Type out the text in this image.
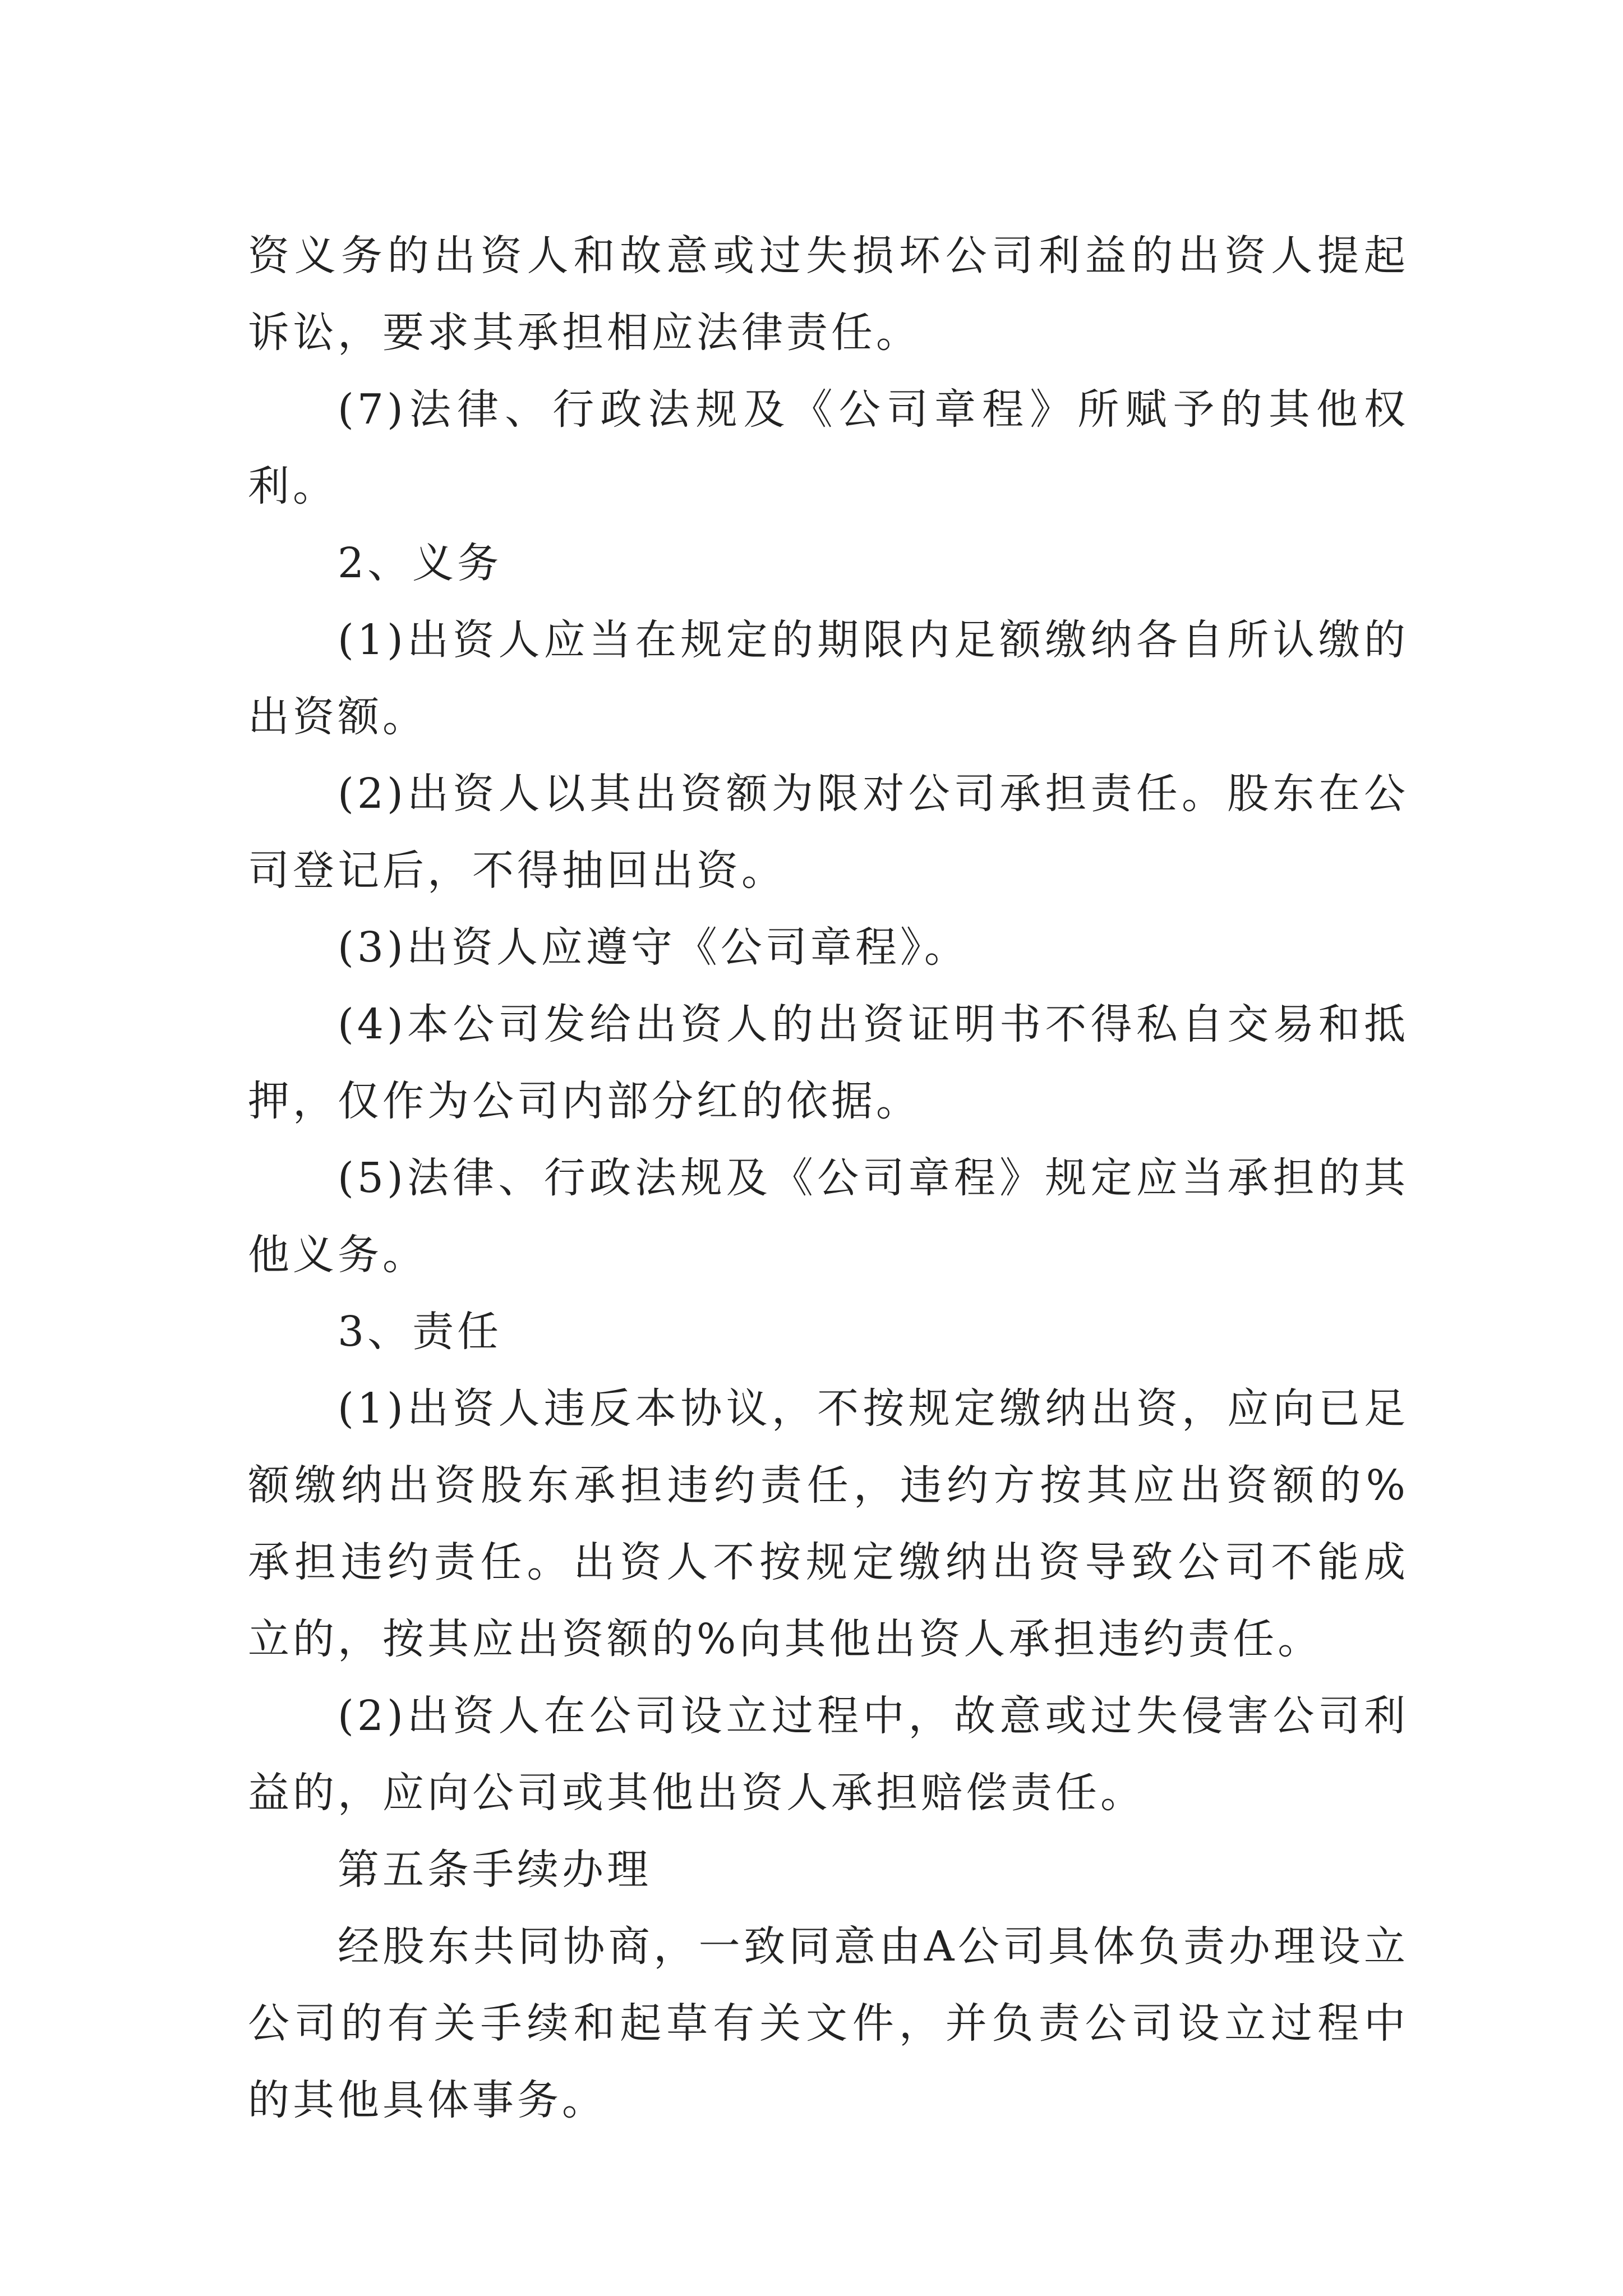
资义务的出资人和故意或过失损坏公司利益的出资人提起诉讼，要求其承担相应法律责任。

(7)法律、行政法规及《公司章程》所赋予的其他权利。

2、义务

(1)出资人应当在规定的期限内足额缴纳各自所认缴的出资额。

(2)出资人以其出资额为限对公司承担责任。股东在公司登记后，不得抽回出资。

(3)出资人应遵守《公司章程》。

(4)本公司发给出资人的出资证明书不得私自交易和抵押，仅作为公司内部分红的依据。

(5)法律、行政法规及《公司章程》规定应当承担的其他义务。

3、责任

(1)出资人违反本协议，不按规定缴纳出资，应向已足额缴纳出资股东承担违约责任，违约方按其应出资额的%承担违约责任。出资人不按规定缴纳出资导致公司不能成立的，按其应出资额的%向其他出资人承担违约责任。

(2)出资人在公司设立过程中，故意或过失侵害公司利益的，应向公司或其他出资人承担赔偿责任。

第五条手续办理

经股东共同协商，一致同意由A公司具体负责办理设立公司的有关手续和起草有关文件，并负责公司设立过程中的其他具体事务。
